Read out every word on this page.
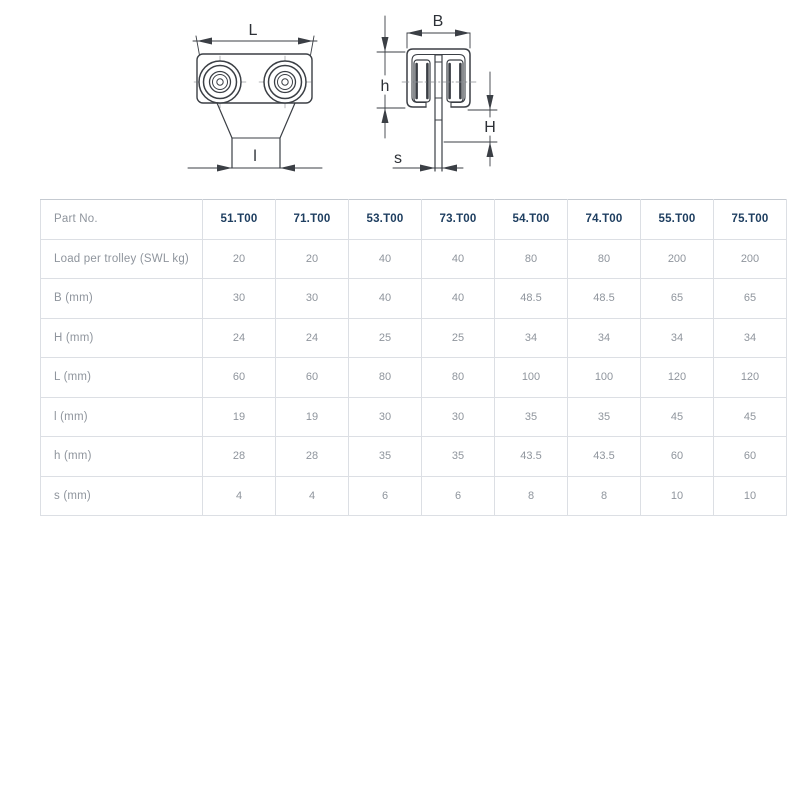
L
l
B
h
H
s
Part No.	51.T00	71.T00	53.T00	73.T00	54.T00	74.T00	55.T00	75.T00
Load per trolley (SWL kg)	20	20	40	40	80	80	200	200
B (mm)	30	30	40	40	48.5	48.5	65	65
H (mm)	24	24	25	25	34	34	34	34
L (mm)	60	60	80	80	100	100	120	120
l (mm)	19	19	30	30	35	35	45	45
h (mm)	28	28	35	35	43.5	43.5	60	60
s (mm)	4	4	6	6	8	8	10	10
